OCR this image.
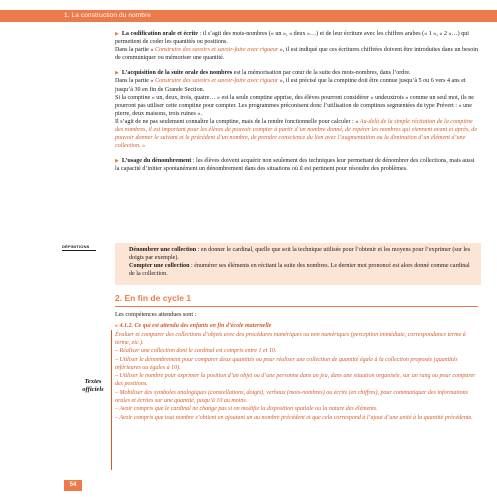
1. La construction du nombre

▶ La codification orale et écrite : il s’agit des mots-nombres (« un », « deux »…) et de leur écriture avec les chiffres arabes (« 1 », « 2 »…) qui permettent de coder les quantités ou positions.

Dans la partie « Construire des savoirs et savoir-faire avec rigueur », il est indiqué que ces écritures chiffrées doivent être introduites dans un besoin de communiquer ou mémoriser une quantité.

▶ L’acquisition de la suite orale des nombres est la mémorisation par cœur de la suite des mots-nombres, dans l’ordre.

Dans la partie « Construire des savoirs et savoir-faire avec rigueur », il est précisé que la comptine doit être connue jusqu’à 5 ou 6 vers 4 ans et jusqu’à 30 en fin de Grande Section.

Si la comptine « un, deux, trois, quatre… » est la seule comptine apprise, des élèves pourront considérer « undeuxtrois » comme un seul mot, ils ne pourront pas utiliser cette comptine pour compter. Les programmes préconisent donc l’utilisation de comptines segmentées du type Prévert : « une pierre, deux maisons, trois ruines ».

Il s’agit de ne pas seulement connaître la comptine, mais de la rendre fonctionnelle pour calculer : « Au-delà de la simple récitation de la comptine des nombres, il est important pour les élèves de pouvoir compter à partir d’un nombre donné, de repérer les nombres qui viennent avant et après, de pouvoir donner le suivant et le précédent d’un nombre, de prendre conscience du lien avec l’augmentation ou la diminution d’un élément d’une collection. »

▶ L’usage du dénombrement : les élèves doivent acquérir non seulement des techniques leur permettant de dénombrer des collections, mais aussi la capacité d’initier spontanément un dénombrement dans des situations où il est pertinent pour résoudre des problèmes.

DÉFINITIONS

Dénombrer une collection : en donner le cardinal, quelle que soit la technique utilisée pour l’obtenir et les moyens pour l’exprimer (sur les doigts par exemple).

Compter une collection : énumérer ses éléments en récitant la suite des nombres. Le dernier mot prononcé est alors donné comme cardinal de la collection.

2. En fin de cycle 1
Les compétences attendues sont :
Textes
officiels

« 4.1.2. Ce qui est attendu des enfants en fin d’école maternelle

Évaluer et comparer des collections d’objets avec des procédures numériques ou non numériques (perception immédiate, correspondance terme à terme, etc.).

– Réaliser une collection dont le cardinal est compris entre 1 et 10.

– Utiliser le dénombrement pour comparer deux quantités ou pour réaliser une collection de quantité égale à la collection proposée (quantités inférieures ou égales à 10).

– Utiliser le nombre pour exprimer la position d’un objet ou d’une personne dans un jeu, dans une situation organisée, sur un rang ou pour comparer des positions.

– Mobiliser des symboles analogiques (constellations, doigts), verbaux (mots-nombres) ou écrits (en chiffres), pour communiquer des informations orales et écrites sur une quantité, jusqu’à 10 au moins.

– Avoir compris que le cardinal ne change pas si on modifie la disposition spatiale ou la nature des éléments.

– Avoir compris que tout nombre s’obtient en ajoutant un au nombre précédent et que cela correspond à l’ajout d’une unité à la quantité précédente.

54
